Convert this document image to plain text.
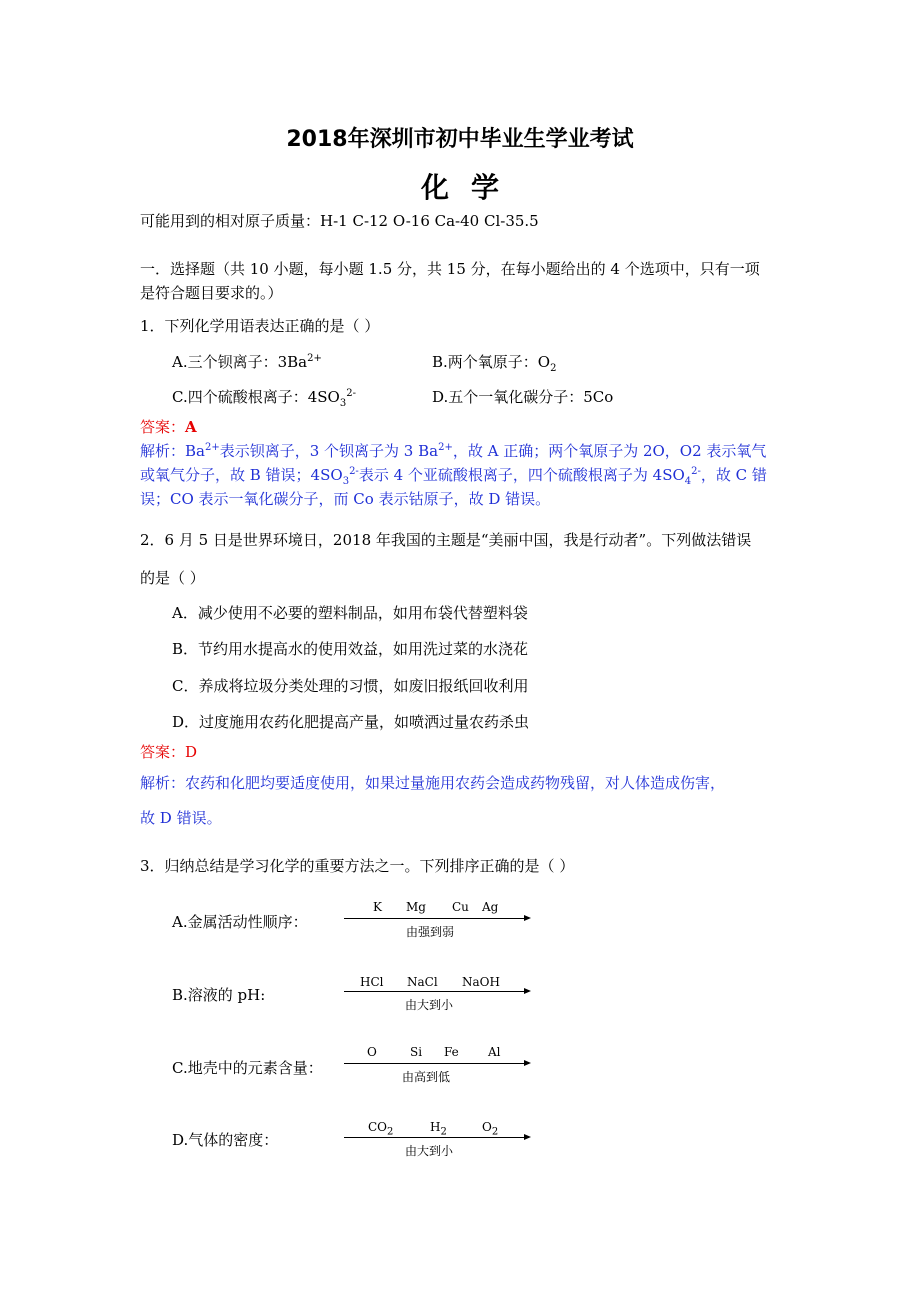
2018年深圳市初中毕业生学业考试
化学
可能用到的相对原子质量：H-1 C-12 O-16 Ca-40 Cl-35.5
一．选择题（共 10 小题，每小题 1.5 分，共 15 分，在每小题给出的 4 个选项中，只有一项
是符合题目要求的。）
1．下列化学用语表达正确的是（ ）
A.三个钡离子：$3Ba^{2+}$	B.两个氧原子：$O_2$
C.四个硫酸根离子：$4SO_3^{2-}$	D.五个一氧化碳分子：5Co
答案：A
解析：$Ba^{2+}$表示钡离子，3 个钡离子为 3 $Ba^{2+}$，故 A 正确；两个氧原子为 2O，O2 表示氧气
或氧气分子，故 B 错误；$4SO_3^{2-}$表示 4 个亚硫酸根离子，四个硫酸根离子为 $4SO_4^{2-}$，故 C 错
误；CO 表示一氧化碳分子，而 Co 表示钴原子，故 D 错误。
2．6 月 5 日是世界环境日，2018 年我国的主题是“美丽中国，我是行动者”。下列做法错误
的是（ ）
A．减少使用不必要的塑料制品，如用布袋代替塑料袋
B．节约用水提高水的使用效益，如用洗过菜的水浇花
C．养成将垃圾分类处理的习惯，如废旧报纸回收利用
D．过度施用农药化肥提高产量，如喷洒过量农药杀虫
答案：D
解析：农药和化肥均要适度使用，如果过量施用农药会造成药物残留，对人体造成伤害，
故 D 错误。
3．归纳总结是学习化学的重要方法之一。下列排序正确的是（ ）
A.金属活动性顺序：
K Mg Cu Ag
由强到弱
B.溶液的 pH:
HCl NaCl NaOH
由大到小
C.地壳中的元素含量：
O	Si Fe Al
由高到低
D.气体的密度：
$CO_2$	$H_2$	$O_2$
由大到小
